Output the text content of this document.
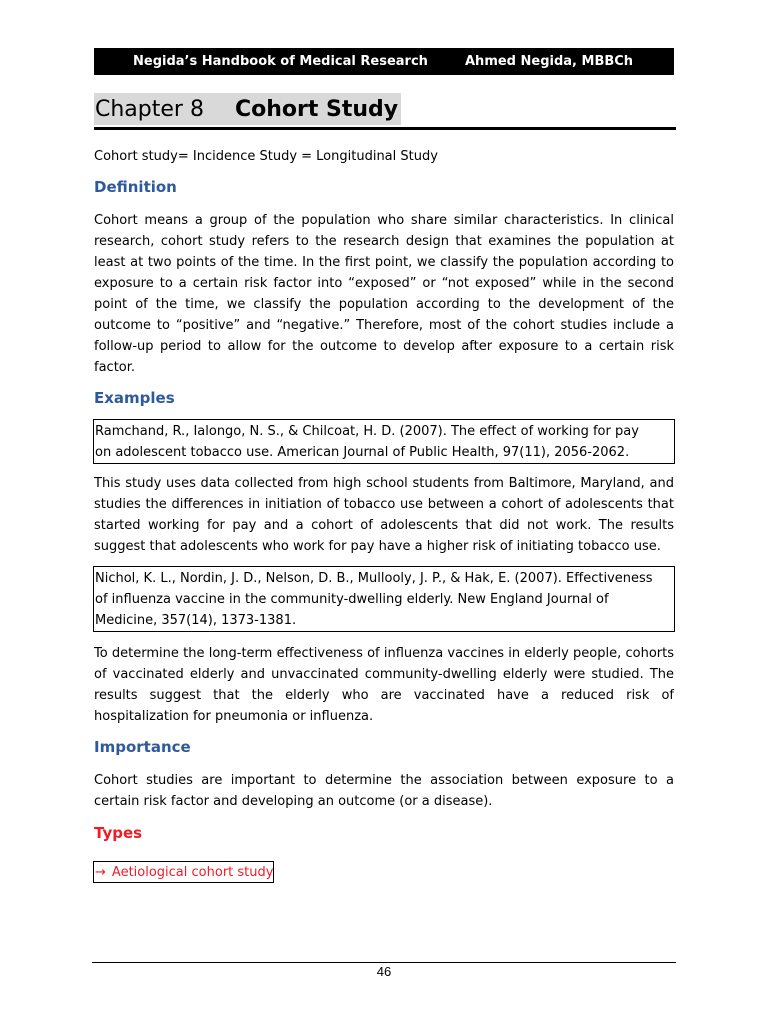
Negida’s Handbook of Medical Research	Ahmed Negida, MBBCh
Chapter 8 Cohort Study
Cohort study= Incidence Study = Longitudinal Study
Definition
Cohort means a group of the population who share similar characteristics. In clinical research, cohort study refers to the research design that examines the population at least at two points of the time. In the first point, we classify the population according to exposure to a certain risk factor into “exposed” or “not exposed” while in the second point of the time, we classify the population according to the development of the outcome to “positive” and “negative.” Therefore, most of the cohort studies include a follow-up period to allow for the outcome to develop after exposure to a certain risk factor.
Examples
Ramchand, R., Ialongo, N. S., & Chilcoat, H. D. (2007). The effect of working for pay
on adolescent tobacco use. American Journal of Public Health, 97(11), 2056-2062.
This study uses data collected from high school students from Baltimore, Maryland, and studies the differences in initiation of tobacco use between a cohort of adolescents that started working for pay and a cohort of adolescents that did not work. The results suggest that adolescents who work for pay have a higher risk of initiating tobacco use.
Nichol, K. L., Nordin, J. D., Nelson, D. B., Mullooly, J. P., & Hak, E. (2007). Effectiveness
of influenza vaccine in the community-dwelling elderly. New England Journal of
Medicine, 357(14), 1373-1381.
To determine the long-term effectiveness of influenza vaccines in elderly people, cohorts of vaccinated elderly and unvaccinated community-dwelling elderly were studied. The results suggest that the elderly who are vaccinated have a reduced risk of hospitalization for pneumonia or influenza.
Importance
Cohort studies are important to determine the association between exposure to a certain risk factor and developing an outcome (or a disease).
Types
→ Aetiological cohort study
46
